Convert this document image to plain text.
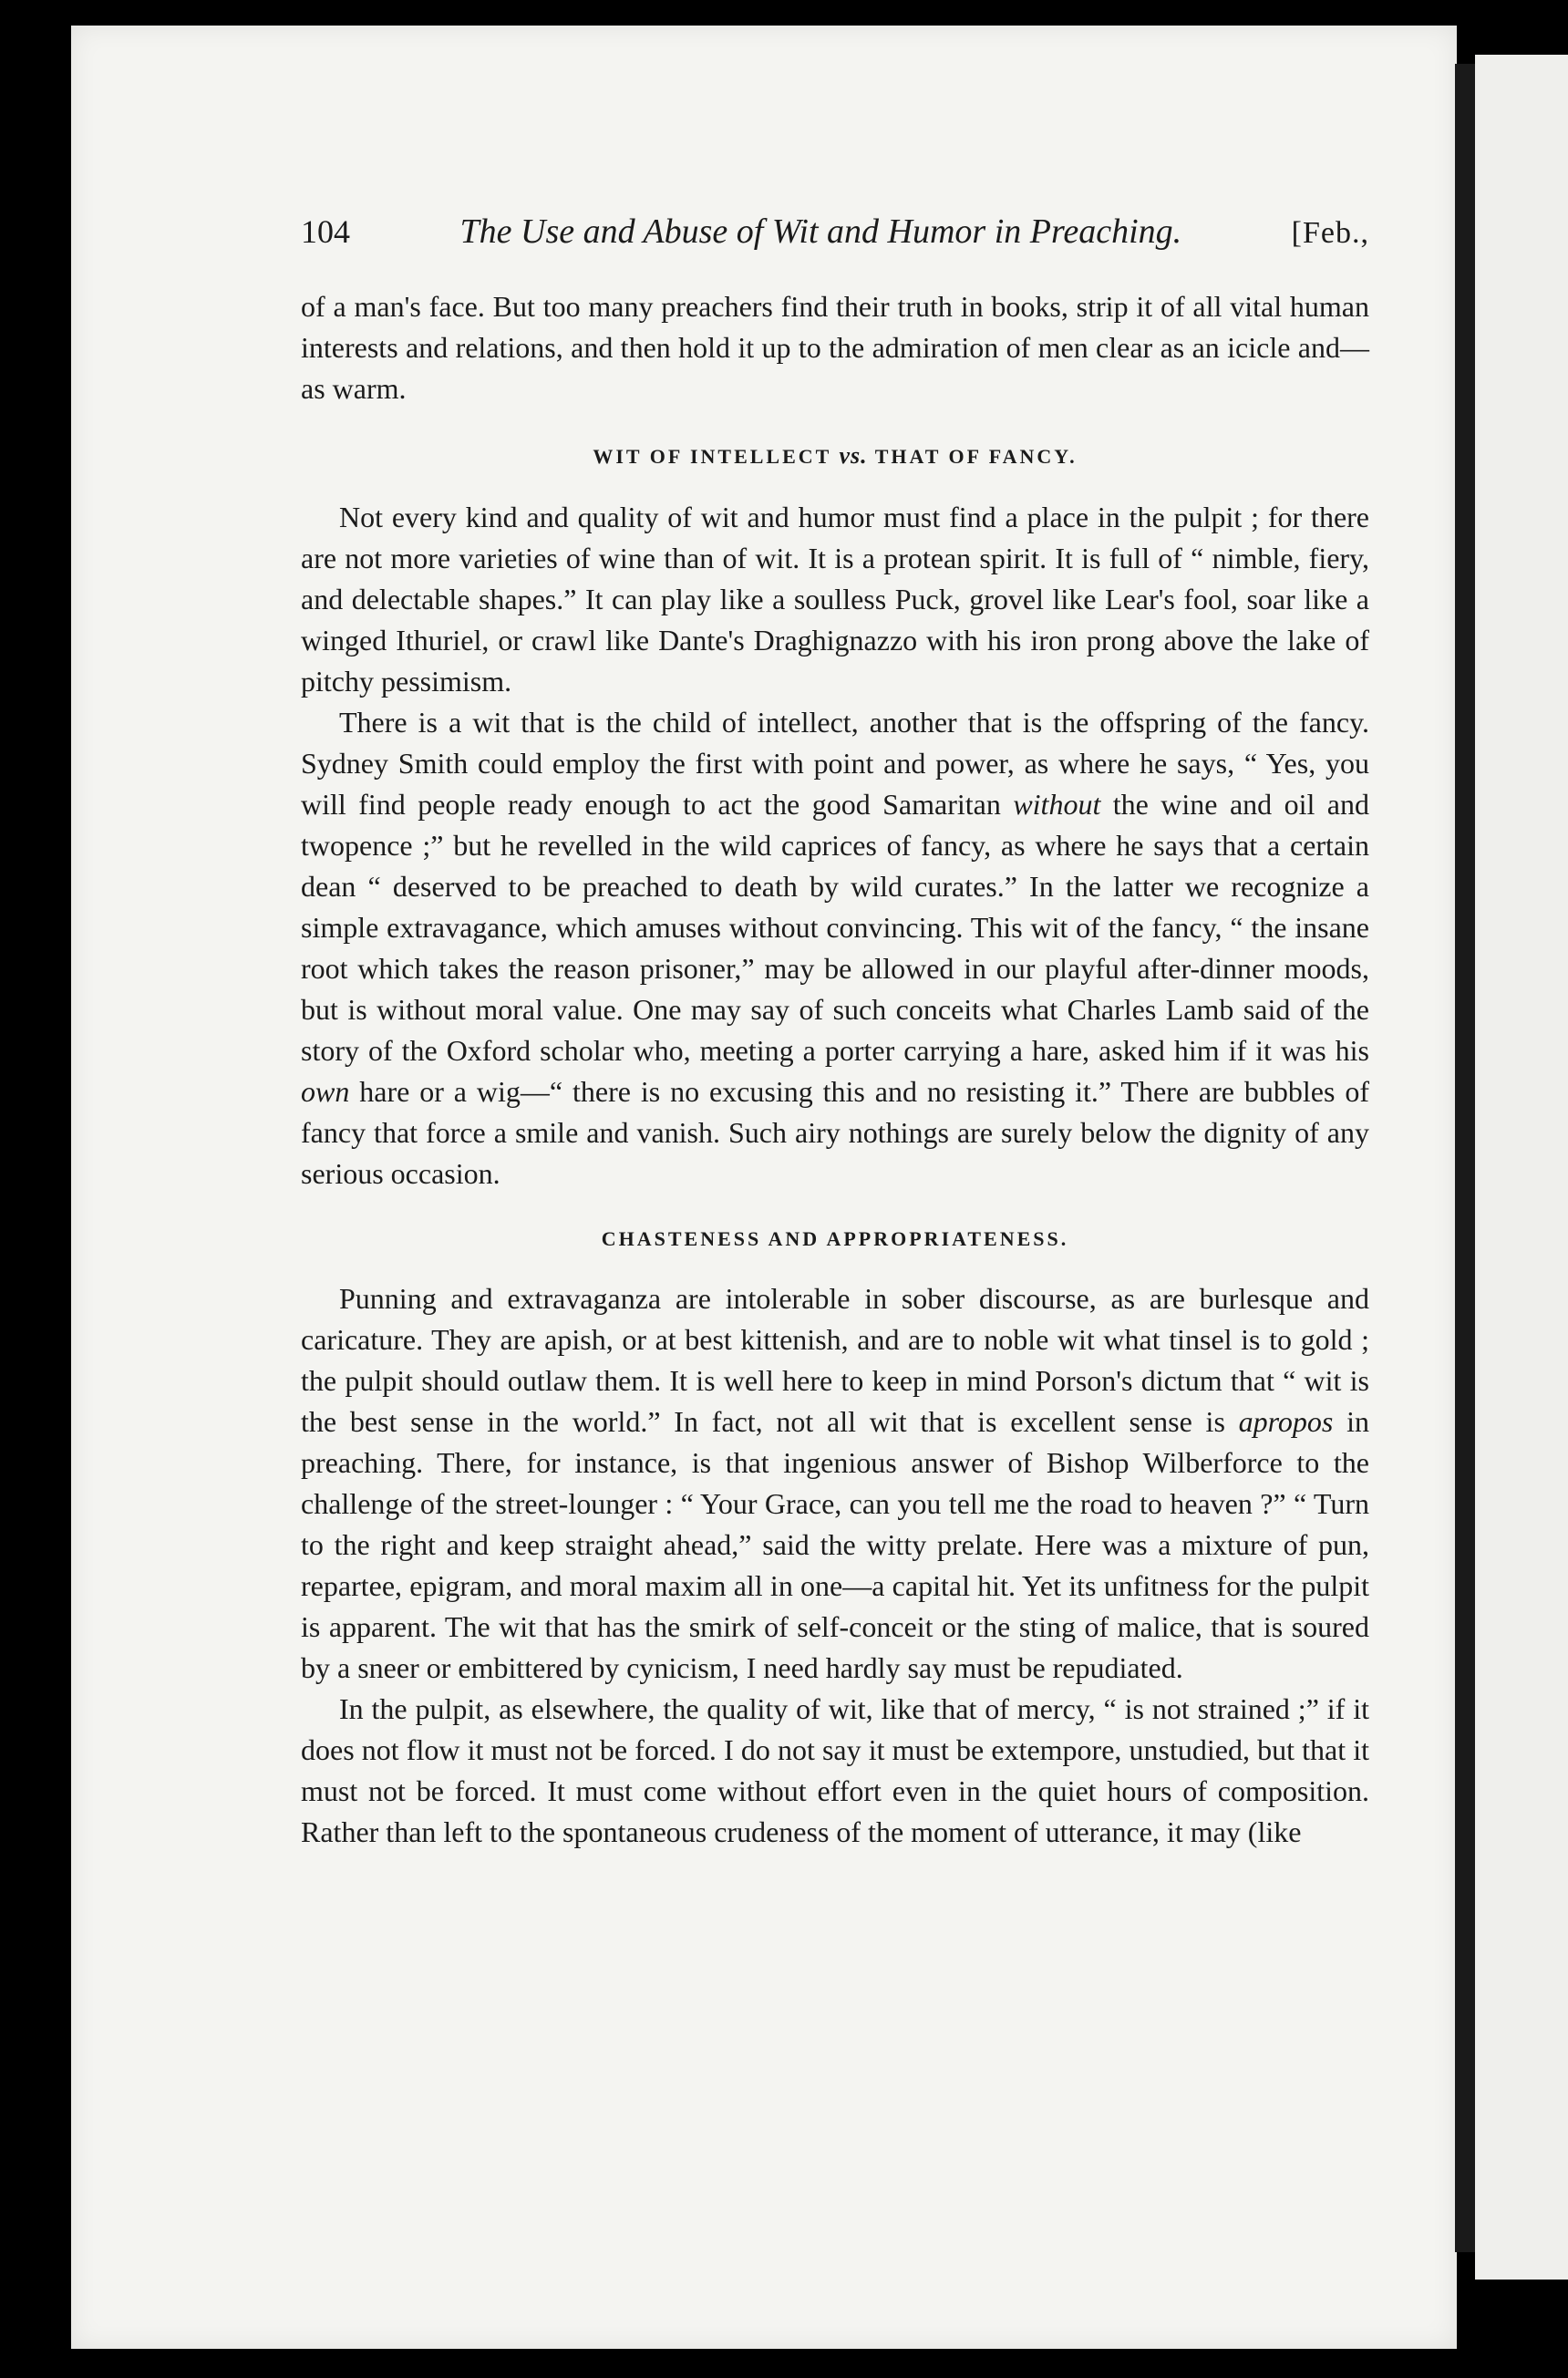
104	The Use and Abuse of Wit and Humor in Preaching.	[Feb.,

of a man's face. But too many preachers find their truth in books, strip it of all vital human interests and relations, and then hold it up to the admiration of men clear as an icicle and—as warm.

WIT OF INTELLECT vs. THAT OF FANCY.

Not every kind and quality of wit and humor must find a place in the pulpit ; for there are not more varieties of wine than of wit. It is a protean spirit. It is full of “ nimble, fiery, and delectable shapes.” It can play like a soulless Puck, grovel like Lear's fool, soar like a winged Ithuriel, or crawl like Dante's Draghignazzo with his iron prong above the lake of pitchy pessimism.

There is a wit that is the child of intellect, another that is the offspring of the fancy. Sydney Smith could employ the first with point and power, as where he says, “ Yes, you will find people ready enough to act the good Samaritan without the wine and oil and twopence ;” but he revelled in the wild caprices of fancy, as where he says that a certain dean “ deserved to be preached to death by wild curates.” In the latter we recognize a simple extravagance, which amuses without convincing. This wit of the fancy, “ the insane root which takes the reason prisoner,” may be allowed in our playful after-dinner moods, but is without moral value. One may say of such conceits what Charles Lamb said of the story of the Oxford scholar who, meeting a porter carrying a hare, asked him if it was his own hare or a wig—“ there is no excusing this and no resisting it.” There are bubbles of fancy that force a smile and vanish. Such airy nothings are surely below the dignity of any serious occasion.

CHASTENESS AND APPROPRIATENESS.

Punning and extravaganza are intolerable in sober discourse, as are burlesque and caricature. They are apish, or at best kittenish, and are to noble wit what tinsel is to gold ; the pulpit should outlaw them. It is well here to keep in mind Porson's dictum that “ wit is the best sense in the world.” In fact, not all wit that is excellent sense is apropos in preaching. There, for instance, is that ingenious answer of Bishop Wilberforce to the challenge of the street-lounger : “ Your Grace, can you tell me the road to heaven ?” “ Turn to the right and keep straight ahead,” said the witty prelate. Here was a mixture of pun, repartee, epigram, and moral maxim all in one—a capital hit. Yet its unfitness for the pulpit is apparent. The wit that has the smirk of self-conceit or the sting of malice, that is soured by a sneer or embittered by cynicism, I need hardly say must be repudiated.

In the pulpit, as elsewhere, the quality of wit, like that of mercy, “ is not strained ;” if it does not flow it must not be forced. I do not say it must be extempore, unstudied, but that it must not be forced. It must come without effort even in the quiet hours of composition. Rather than left to the spontaneous crudeness of the moment of utterance, it may (like
